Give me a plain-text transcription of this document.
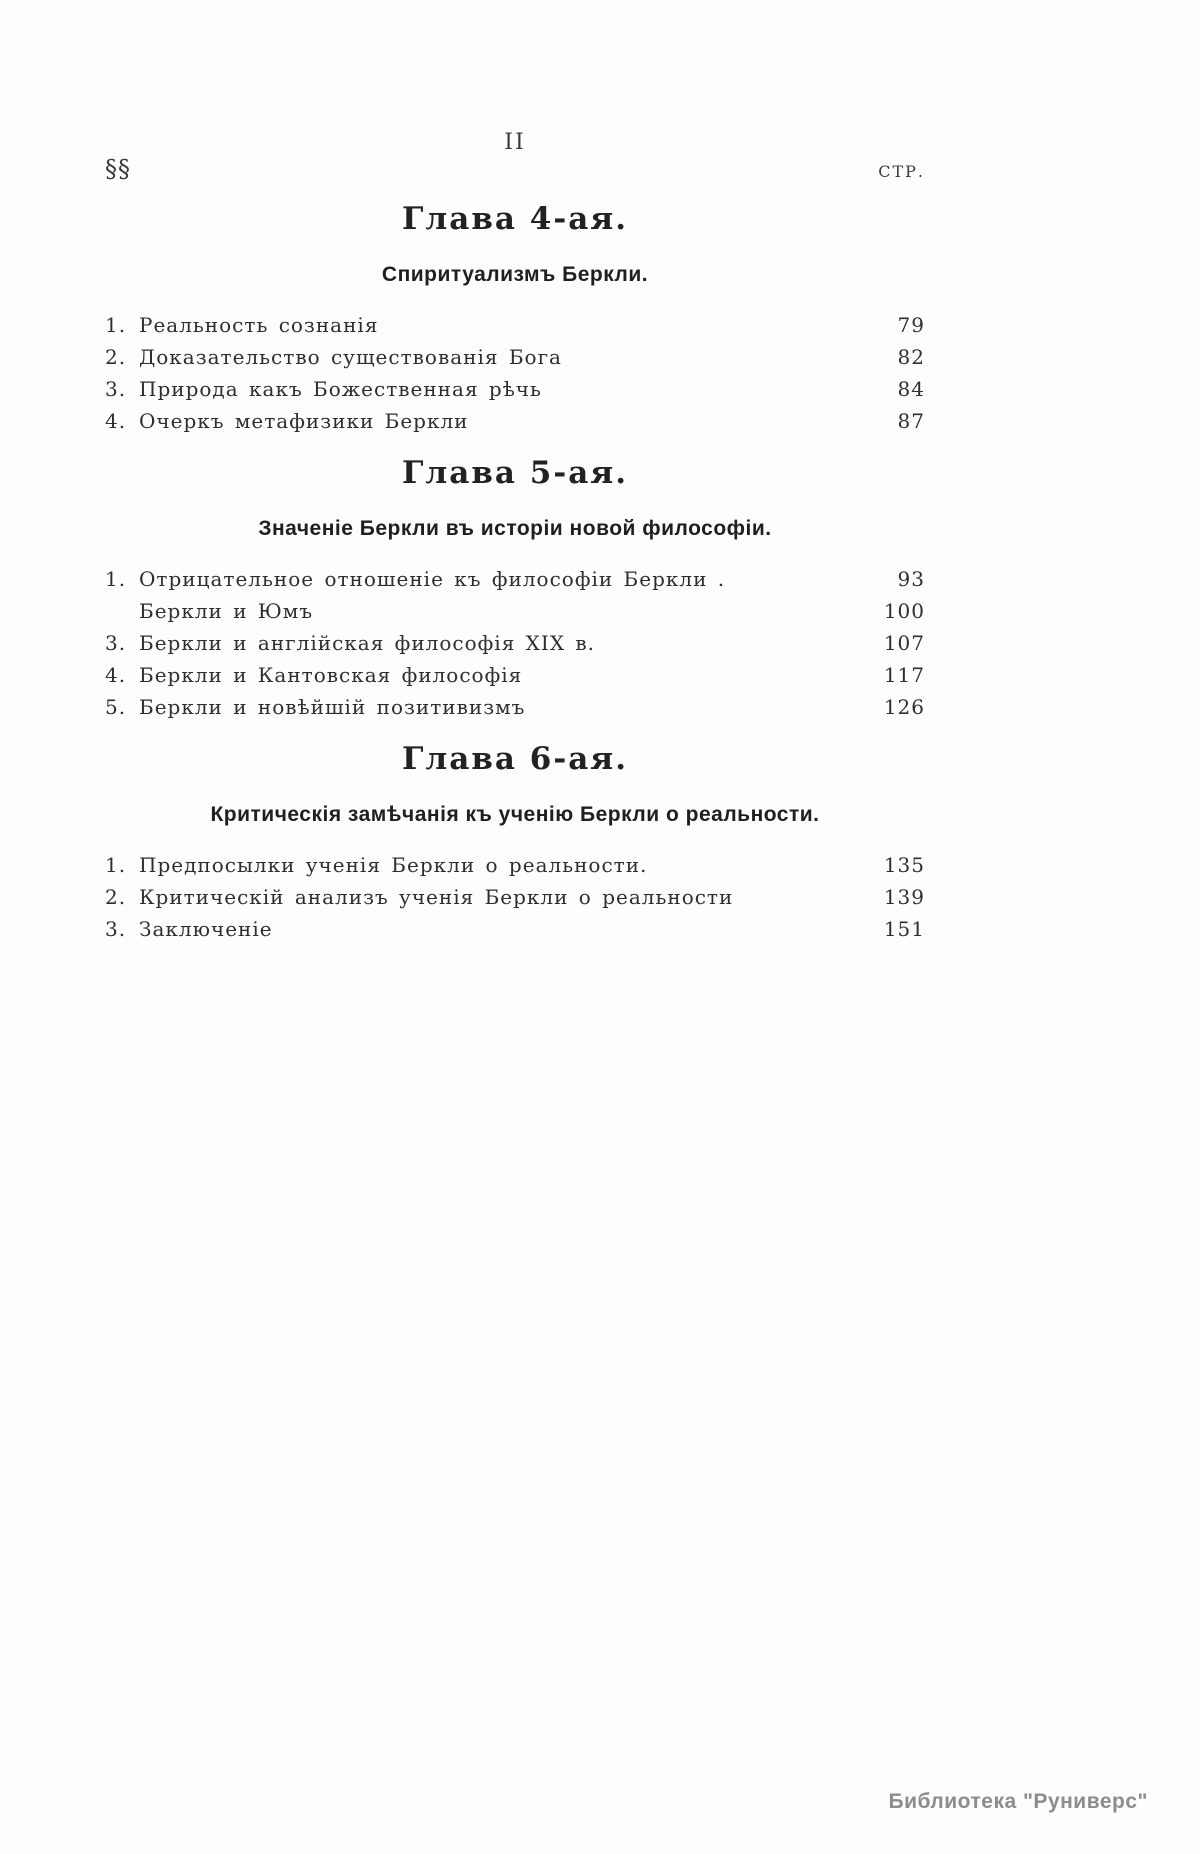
II
§§	СТР.
Глава 4-ая.
Спиритуализмъ Беркли.
1. Реальность сознанія	79
2. Доказательство существованія Бога	82
3. Природа какъ Божественная рѣчь	84
4. Очеркъ метафизики Беркли	87
Глава 5-ая.
Значеніе Беркли въ исторіи новой философіи.
1. Отрицательное отношеніе къ философіи Беркли .	93
Беркли и Юмъ	100
3. Беркли и англійская философія XIX в.	107
4. Беркли и Кантовская философія	117
5. Беркли и новѣйшій позитивизмъ	126
Глава 6-ая.
Критическія замѣчанія къ ученію Беркли о реальности.
1. Предпосылки ученія Беркли о реальности.	135
2. Критическій анализъ ученія Беркли о реальности	139
3. Заключеніе	151
Библиотека "Руниверс"
